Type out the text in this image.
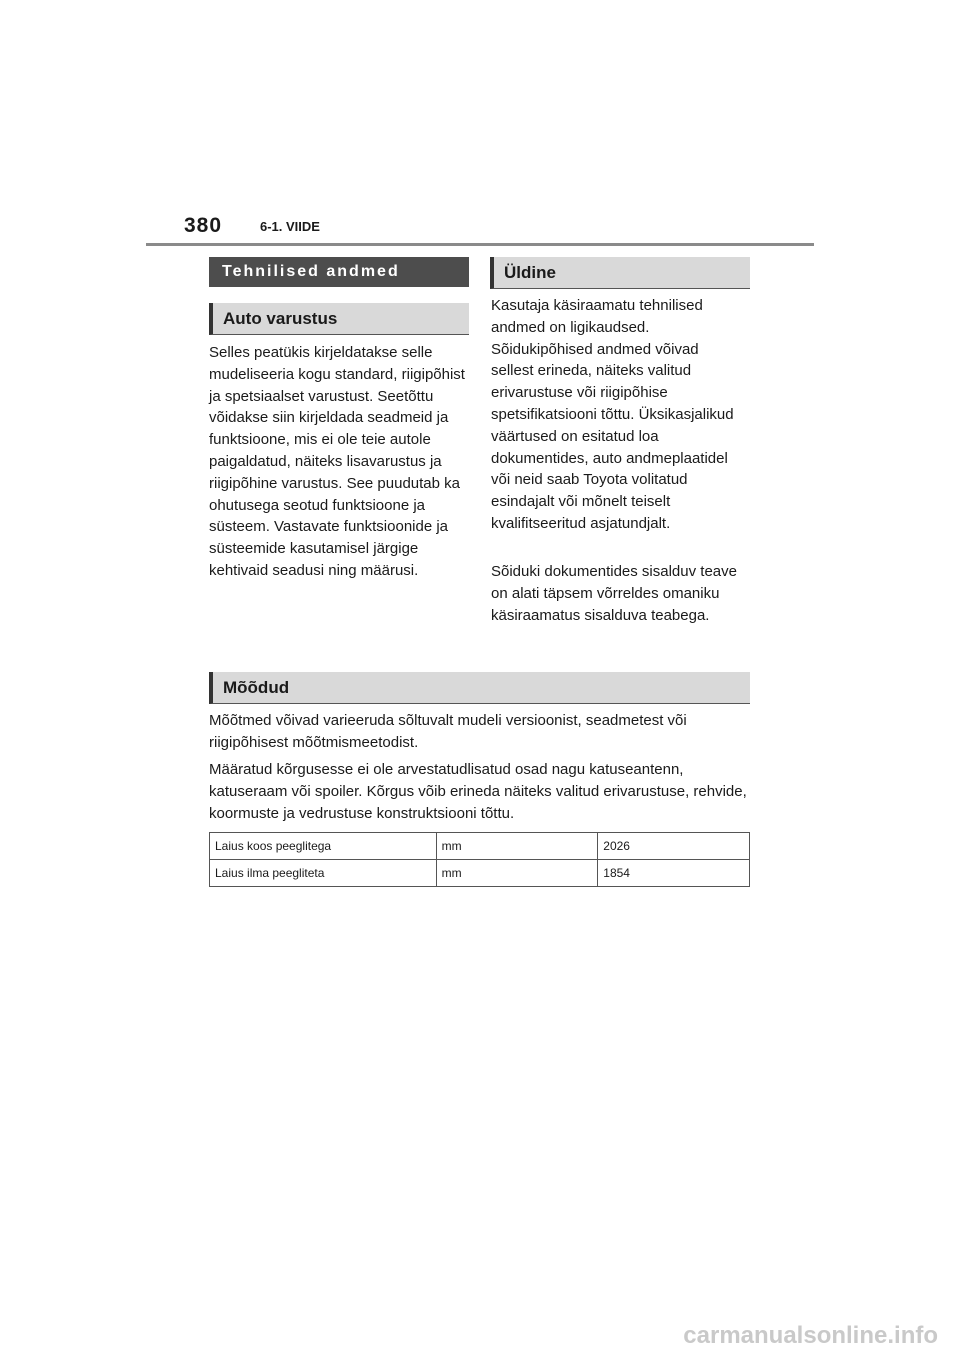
380	6-1. VIIDE
Tehnilised andmed
Auto varustus

Selles peatükis kirjeldatakse selle mudeliseeria kogu standard, riigipõhist ja spetsiaalset varustust. Seetõttu võidakse siin kirjeldada seadmeid ja funktsioone, mis ei ole teie autole paigaldatud, näiteks lisavarustus ja riigipõhine varustus. See puudutab ka ohutusega seotud funktsioone ja süsteem. Vastavate funktsioonide ja süsteemide kasutamisel järgige kehtivaid seadusi ning määrusi.

Üldine

Kasutaja käsiraamatu tehnilised andmed on ligikaudsed. Sõidukipõhised andmed võivad sellest erineda, näiteks valitud erivarustuse või riigipõhise spetsifikatsiooni tõttu. Üksikasjalikud väärtused on esitatud loa dokumentides, auto andmeplaatidel või neid saab Toyota volitatud esindajalt või mõnelt teiselt kvalifitseeritud asjatundjalt.

Sõiduki dokumentides sisalduv teave on alati täpsem võrreldes omaniku käsiraamatus sisalduva teabega.

Mõõdud

Mõõtmed võivad varieeruda sõltuvalt mudeli versioonist, seadmetest või riigipõhisest mõõtmismeetodist.

Määratud kõrgusesse ei ole arvestatudlisatud osad nagu katuseantenn, katuseraam või spoiler. Kõrgus võib erineda näiteks valitud erivarustuse, rehvide, koormuste ja vedrustuse konstruktsiooni tõttu.

Laius koos peeglitega	mm	2026
Laius ilma peegliteta	mm	1854
carmanualsonline.info
